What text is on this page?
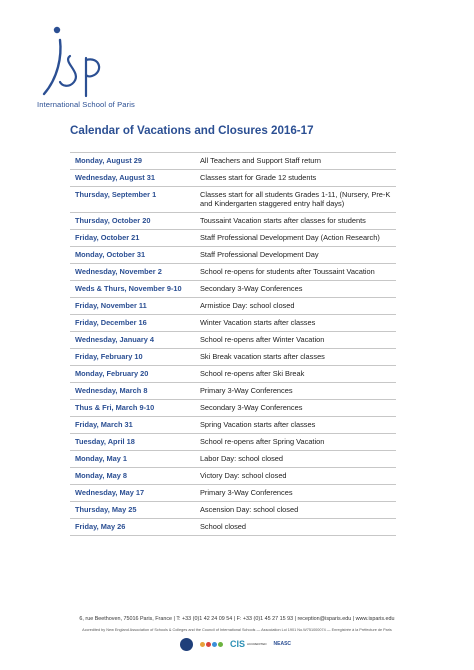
International School of Paris
Calendar of Vacations and Closures 2016-17
Monday, August 29	All Teachers and Support Staff return
Wednesday, August 31	Classes start for Grade 12 students
Thursday, September 1	Classes start for all students Grades 1-11, (Nursery, Pre-K and Kindergarten staggered entry half days)
Thursday, October 20	Toussaint Vacation starts after classes for students
Friday, October 21	Staff Professional Development Day (Action Research)
Monday, October 31	Staff Professional Development Day
Wednesday, November 2	School re-opens for students after Toussaint Vacation
Weds & Thurs, November 9-10	Secondary 3-Way Conferences
Friday, November 11	Armistice Day: school closed
Friday, December 16	Winter Vacation starts after classes
Wednesday, January 4	School re-opens after Winter Vacation
Friday, February 10	Ski Break vacation starts after classes
Monday, February 20	School re-opens after Ski Break
Wednesday, March 8	Primary 3-Way Conferences
Thus & Fri, March 9-10	Secondary 3-Way Conferences
Friday, March 31	Spring Vacation starts after classes
Tuesday, April 18	School re-opens after Spring Vacation
Monday, May 1	Labor Day: school closed
Monday, May 8	Victory Day: school closed
Wednesday, May 17	Primary 3-Way Conferences
Thursday, May 25	Ascension Day: school closed
Friday, May 26	School closed
6, rue Beethoven, 75016 Paris, France | T: +33 (0)1 42 24 09 54 | F: +33 (0)1 45 27 15 93 | reception@isparis.edu | www.isparis.edu
Accredited by New England Association of Schools & Colleges and the Council of International Schools — Association Loi 1901 No.W751000074 — Enregistrée à la Préfecture de Paris
CIS ACCREDITED NEASC
